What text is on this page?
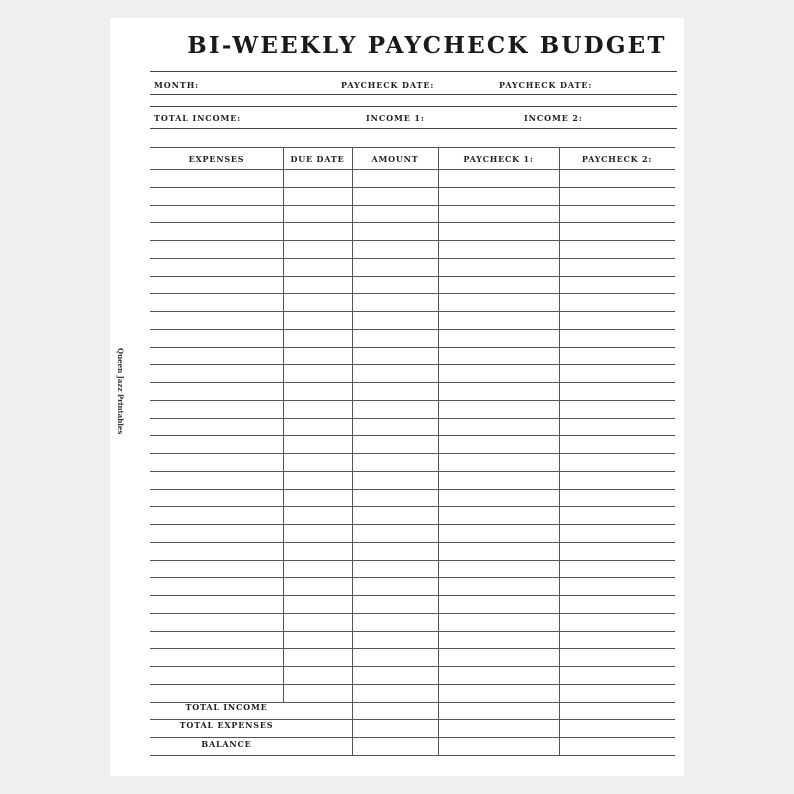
BI-WEEKLY PAYCHECK BUDGET
MONTH:	PAYCHECK DATE:	PAYCHECK DATE:
TOTAL INCOME:	INCOME 1:	INCOME 2:
Queen Jazz Printables
EXPENSES	DUE DATE	AMOUNT	PAYCHECK 1:	PAYCHECK 2:
TOTAL INCOME
TOTAL EXPENSES
BALANCE
